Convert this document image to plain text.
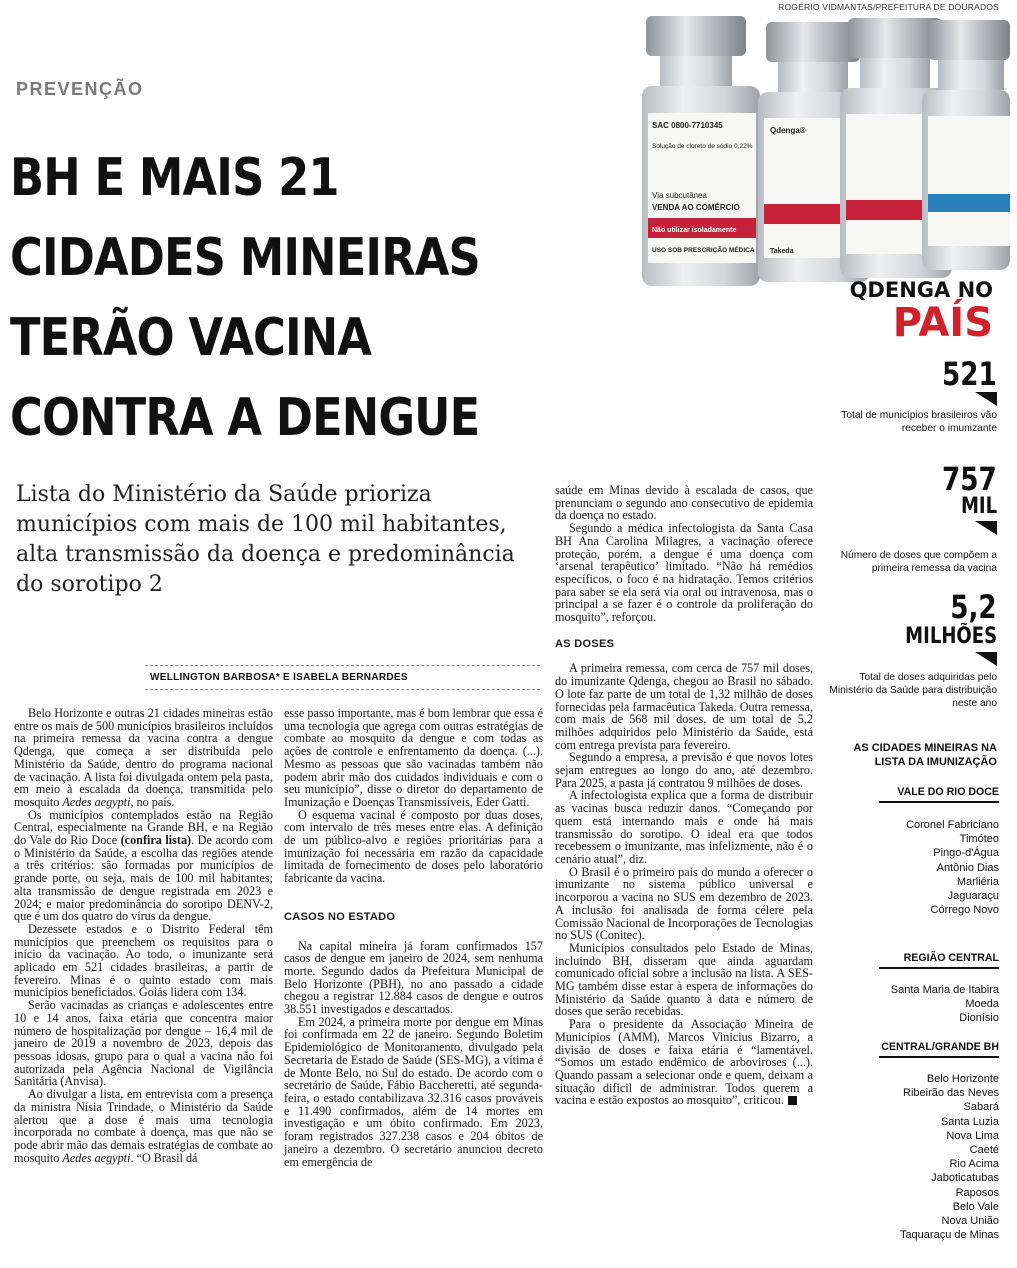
SAC 0800-7710345
Qdenga®
Solução de cloreto de sódio 0,22%
Via subcutânea
VENDA AO COMÉRCIO
Não utilizar isoladamente
USO SOB PRESCRIÇÃO MÉDICA Takeda
ROGÉRIO VIDMANTAS/PREFEITURA DE DOURADOS
PREVENÇÃO
BH E MAIS 21
CIDADES MINEIRAS
TERÃO VACINA
CONTRA A DENGUE
Lista do Ministério da Saúde prioriza municípios com mais de 100 mil habitantes, alta transmissão da doença e predominância do sorotipo 2
WELLINGTON BARBOSA* E ISABELA BERNARDES

Belo Horizonte e outras 21 cidades mineiras estão entre os mais de 500 municípios brasileiros incluídos na primeira remessa da vacina contra a dengue Qdenga, que começa a ser distribuída pelo Ministério da Saúde, dentro do programa nacional de vacinação. A lista foi divulgada ontem pela pasta, em meio à escalada da doença, transmitida pelo mosquito Aedes aegypti, no país.

Os municípios contemplados estão na Região Central, especialmente na Grande BH, e na Região do Vale do Rio Doce (confira lista). De acordo com o Ministério da Saúde, a escolha das regiões atende a três critérios: são formadas por municípios de grande porte, ou seja, mais de 100 mil habitantes; alta transmissão de dengue registrada em 2023 e 2024; e maior predominância do sorotipo DENV-2, que é um dos quatro do vírus da dengue.

Dezessete estados e o Distrito Federal têm municípios que preenchem os requisitos para o início da vacinação. Ao todo, o imunizante será aplicado em 521 cidades brasileiras, a partir de fevereiro. Minas é o quinto estado com mais municípios beneficiados. Goiás lidera com 134.

Serão vacinadas as crianças e adolescentes entre 10 e 14 anos, faixa etária que concentra maior número de hospitalização por dengue – 16,4 mil de janeiro de 2019 a novembro de 2023, depois das pessoas idosas, grupo para o qual a vacina não foi autorizada pela Agência Nacional de Vigilância Sanitária (Anvisa).

Ao divulgar a lista, em entrevista com a presença da ministra Nísia Trindade, o Ministério da Saúde alertou que a dose é mais uma tecnologia incorporada no combate à doença, mas que não se pode abrir mão das demais estratégias de combate ao mosquito Aedes aegypti. “O Brasil dá

esse passo importante, mas é bom lembrar que essa é uma tecnologia que agrega com outras estratégias de combate ao mosquito da dengue e com todas as ações de controle e enfrentamento da doença. (...). Mesmo as pessoas que são vacinadas também não podem abrir mão dos cuidados individuais e com o seu município”, disse o diretor do departamento de Imunização e Doenças Transmissíveis, Eder Gatti.

O esquema vacinal é composto por duas doses, com intervalo de três meses entre elas. A definição de um público-alvo e regiões prioritárias para a imunização foi necessária em razão da capacidade limitada de fornecimento de doses pelo laboratório fabricante da vacina.

CASOS NO ESTADO

Na capital mineira já foram confirmados 157 casos de dengue em janeiro de 2024, sem nenhuma morte. Segundo dados da Prefeitura Municipal de Belo Horizonte (PBH), no ano passado a cidade chegou a registrar 12.884 casos de dengue e outros 38.551 investigados e descartados.

Em 2024, a primeira morte por dengue em Minas foi confirmada em 22 de janeiro. Segundo Boletim Epidemiológico de Monitoramento, divulgado pela Secretaria de Estado de Saúde (SES-MG), a vítima é de Monte Belo, no Sul do estado. De acordo com o secretário de Saúde, Fábio Baccheretti, até segunda-feira, o estado contabilizava 32.316 casos prováveis e 11.490 confirmados, além de 14 mortes em investigação e um óbito confirmado. Em 2023, foram registrados 327.238 casos e 204 óbitos de janeiro a dezembro. O secretário anunciou decreto em emergência de

saúde em Minas devido à escalada de casos, que prenunciam o segundo ano consecutivo de epidemia da doença no estado.

Segundo a médica infectologista da Santa Casa BH Ana Carolina Milagres, a vacinação oferece proteção, porém, a dengue é uma doença com ‘arsenal terapêutico’ limitado. “Não há remédios específicos, o foco é na hidratação. Temos critérios para saber se ela será via oral ou intravenosa, mas o principal a se fazer é o controle da proliferação do mosquito”, reforçou.

AS DOSES

A primeira remessa, com cerca de 757 mil doses, do imunizante Qdenga, chegou ao Brasil no sábado. O lote faz parte de um total de 1,32 milhão de doses fornecidas pela farmacêutica Takeda. Outra remessa, com mais de 568 mil doses, de um total de 5,2 milhões adquiridos pelo Ministério da Saúde, está com entrega prevista para fevereiro.

Segundo a empresa, a previsão é que novos lotes sejam entregues ao longo do ano, até dezembro. Para 2025, a pasta já contratou 9 milhões de doses.

A infectologista explica que a forma de distribuir as vacinas busca reduzir danos. “Começando por quem está internando mais e onde há mais transmissão do sorotipo. O ideal era que todos recebessem o imunizante, mas infelizmente, não é o cenário atual”, diz.

O Brasil é o primeiro país do mundo a oferecer o imunizante no sistema público universal e incorporou a vacina no SUS em dezembro de 2023. A inclusão foi analisada de forma célere pela Comissão Nacional de Incorporações de Tecnologias no SUS (Conitec).

Municípios consultados pelo Estado de Minas, incluindo BH, disseram que ainda aguardam comunicado oficial sobre a inclusão na lista. A SES-MG também disse estar à espera de informações do Ministério da Saúde quanto à data e número de doses que serão recebidas.

Para o presidente da Associação Mineira de Municípios (AMM), Marcos Vinicius Bizarro, a divisão de doses e faixa etária é “lamentável. “Somos um estado endêmico de arboviroses (...). Quando passam a selecionar onde e quem, deixam a situação difícil de administrar. Todos querem a vacina e estão expostos ao mosquito”, criticou.

QDENGA NO
PAÍS
521
Total de municípios brasileiros vão receber o imunizante
757
MIL
Número de doses que compõem a primeira remessa da vacina
5,2
MILHÕES
Total de doses adquiridas pelo Ministério da Saúde para distribuição neste ano
AS CIDADES MINEIRAS NA LISTA DA IMUNIZAÇÃO
VALE DO RIO DOCE
Coronel Fabriciano
Timóteo
Pingo-d'Água
Antônio Dias
Marliéria
Jaguaraçu
Córrego Novo
REGIÃO CENTRAL
Santa Maria de Itabira
Moeda
Dionísio
CENTRAL/GRANDE BH
Belo Horizonte
Ribeirão das Neves
Sabará
Santa Luzia
Nova Lima
Caeté
Rio Acima
Jaboticatubas
Raposos
Belo Vale
Nova União
Taquaraçu de Minas
